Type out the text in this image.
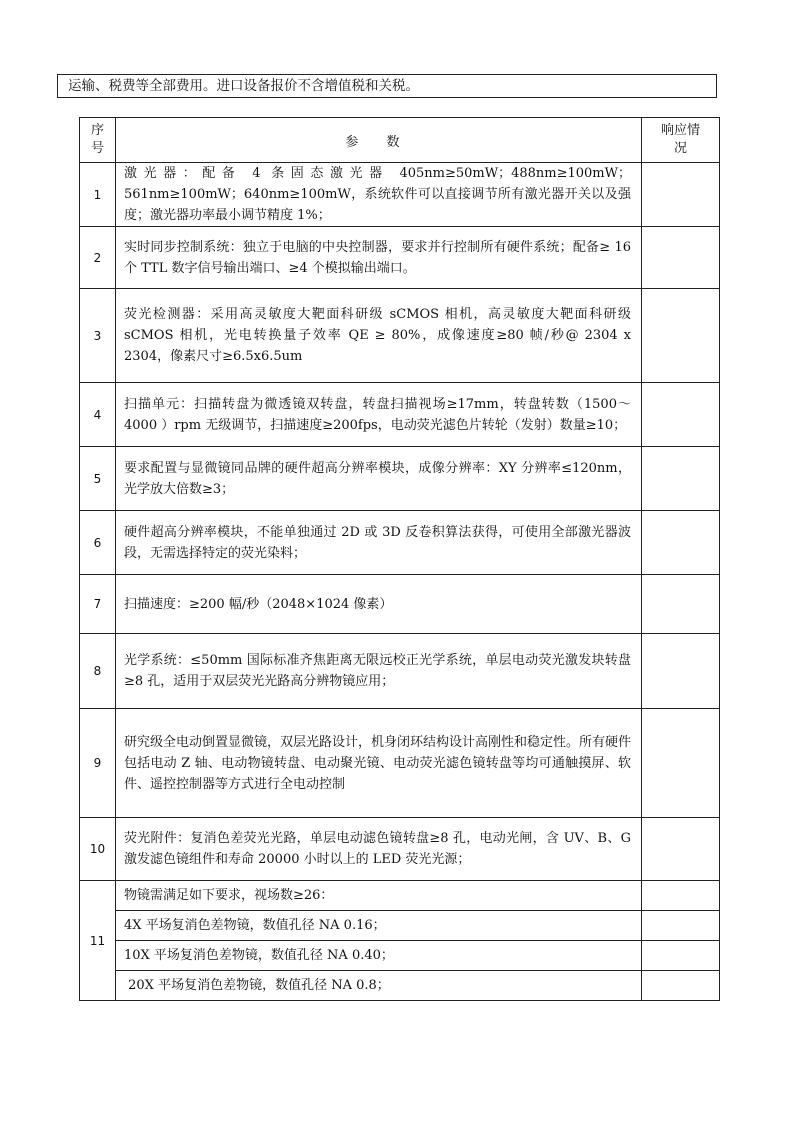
运输、税费等全部费用。进口设备报价不含增值税和关税。
序
号	参 数	响应情
况
1	激光器：配备 4 条固态激光器 405nm≥50mW；488nm≥100mW；561nm≥100mW；640nm≥100mW，系统软件可以直接调节所有激光器开关以及强度；激光器功率最小调节精度 1%；	
2	实时同步控制系统：独立于电脑的中央控制器，要求并行控制所有硬件系统；配备≥ 16 个 TTL 数字信号输出端口、≥4 个模拟输出端口。	
3	荧光检测器：采用高灵敏度大靶面科研级 sCMOS 相机，高灵敏度大靶面科研级 sCMOS 相机，光电转换量子效率 QE ≥ 80%，成像速度≥80 帧/秒@ 2304 x 2304，像素尺寸≥6.5x6.5um	
4	扫描单元：扫描转盘为微透镜双转盘，转盘扫描视场≥17mm，转盘转数（1500～4000 ）rpm 无级调节，扫描速度≥200fps，电动荧光滤色片转轮（发射）数量≥10；	
5	要求配置与显微镜同品牌的硬件超高分辨率模块，成像分辨率：XY 分辨率≤120nm，光学放大倍数≥3；	
6	硬件超高分辨率模块，不能单独通过 2D 或 3D 反卷积算法获得，可使用全部激光器波段，无需选择特定的荧光染料；	
7	扫描速度：≥200 幅/秒（2048×1024 像素）	
8	光学系统：≤50mm 国际标准齐焦距离无限远校正光学系统，单层电动荧光激发块转盘≥8 孔，适用于双层荧光光路高分辨物镜应用；	
9	研究级全电动倒置显微镜，双层光路设计，机身闭环结构设计高刚性和稳定性。所有硬件包括电动 Z 轴、电动物镜转盘、电动聚光镜、电动荧光滤色镜转盘等均可通触摸屏、软件、遥控控制器等方式进行全电动控制	
10	荧光附件：复消色差荧光光路，单层电动滤色镜转盘≥8 孔，电动光闸，含 UV、B、G 激发滤色镜组件和寿命 20000 小时以上的 LED 荧光光源；	
11	物镜需满足如下要求，视场数≥26：	
	4X 平场复消色差物镜，数值孔径 NA 0.16；	
	10X 平场复消色差物镜，数值孔径 NA 0.40；	
	20X 平场复消色差物镜，数值孔径 NA 0.8；	
